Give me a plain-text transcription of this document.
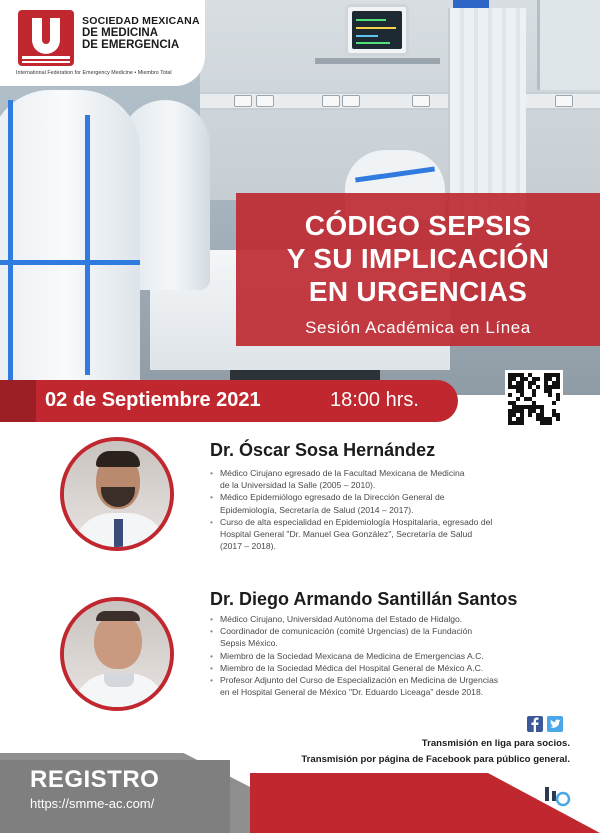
SOCIEDAD MEXICANA
DE MEDICINA
DE EMERGENCIA
International Federation for Emergency Medicine • Miembro Total
CÓDIGO SEPSIS
Y SU IMPLICACIÓN
EN URGENCIAS
Sesión Académica en Línea
02 de Septiembre 2021	18:00 hrs.
Dr. Óscar Sosa Hernández
• Médico Cirujano egresado de la Facultad Mexicana de Medicina
de la Universidad la Salle (2005 – 2010).
• Médico Epidemiólogo egresado de la Dirección General de
Epidemiología, Secretaría de Salud (2014 – 2017).
• Curso de alta especialidad en Epidemiología Hospitalaria, egresado del
Hospital General "Dr. Manuel Gea González", Secretaría de Salud
(2017 – 2018).
Dr. Diego Armando Santillán Santos
• Médico Cirujano, Universidad Autónoma del Estado de Hidalgo.
• Coordinador de comunicación (comité Urgencias) de la Fundación
Sepsis México.
• Miembro de la Sociedad Mexicana de Medicina de Emergencias A.C.
• Miembro de la Sociedad Médica del Hospital General de México A.C.
• Profesor Adjunto del Curso de Especialización en Medicina de Urgencias
en el Hospital General de México "Dr. Eduardo Liceaga" desde 2018.
Transmisión en liga para socios.
Transmisión por página de Facebook para público general.
REGISTRO
https://smme-ac.com/
